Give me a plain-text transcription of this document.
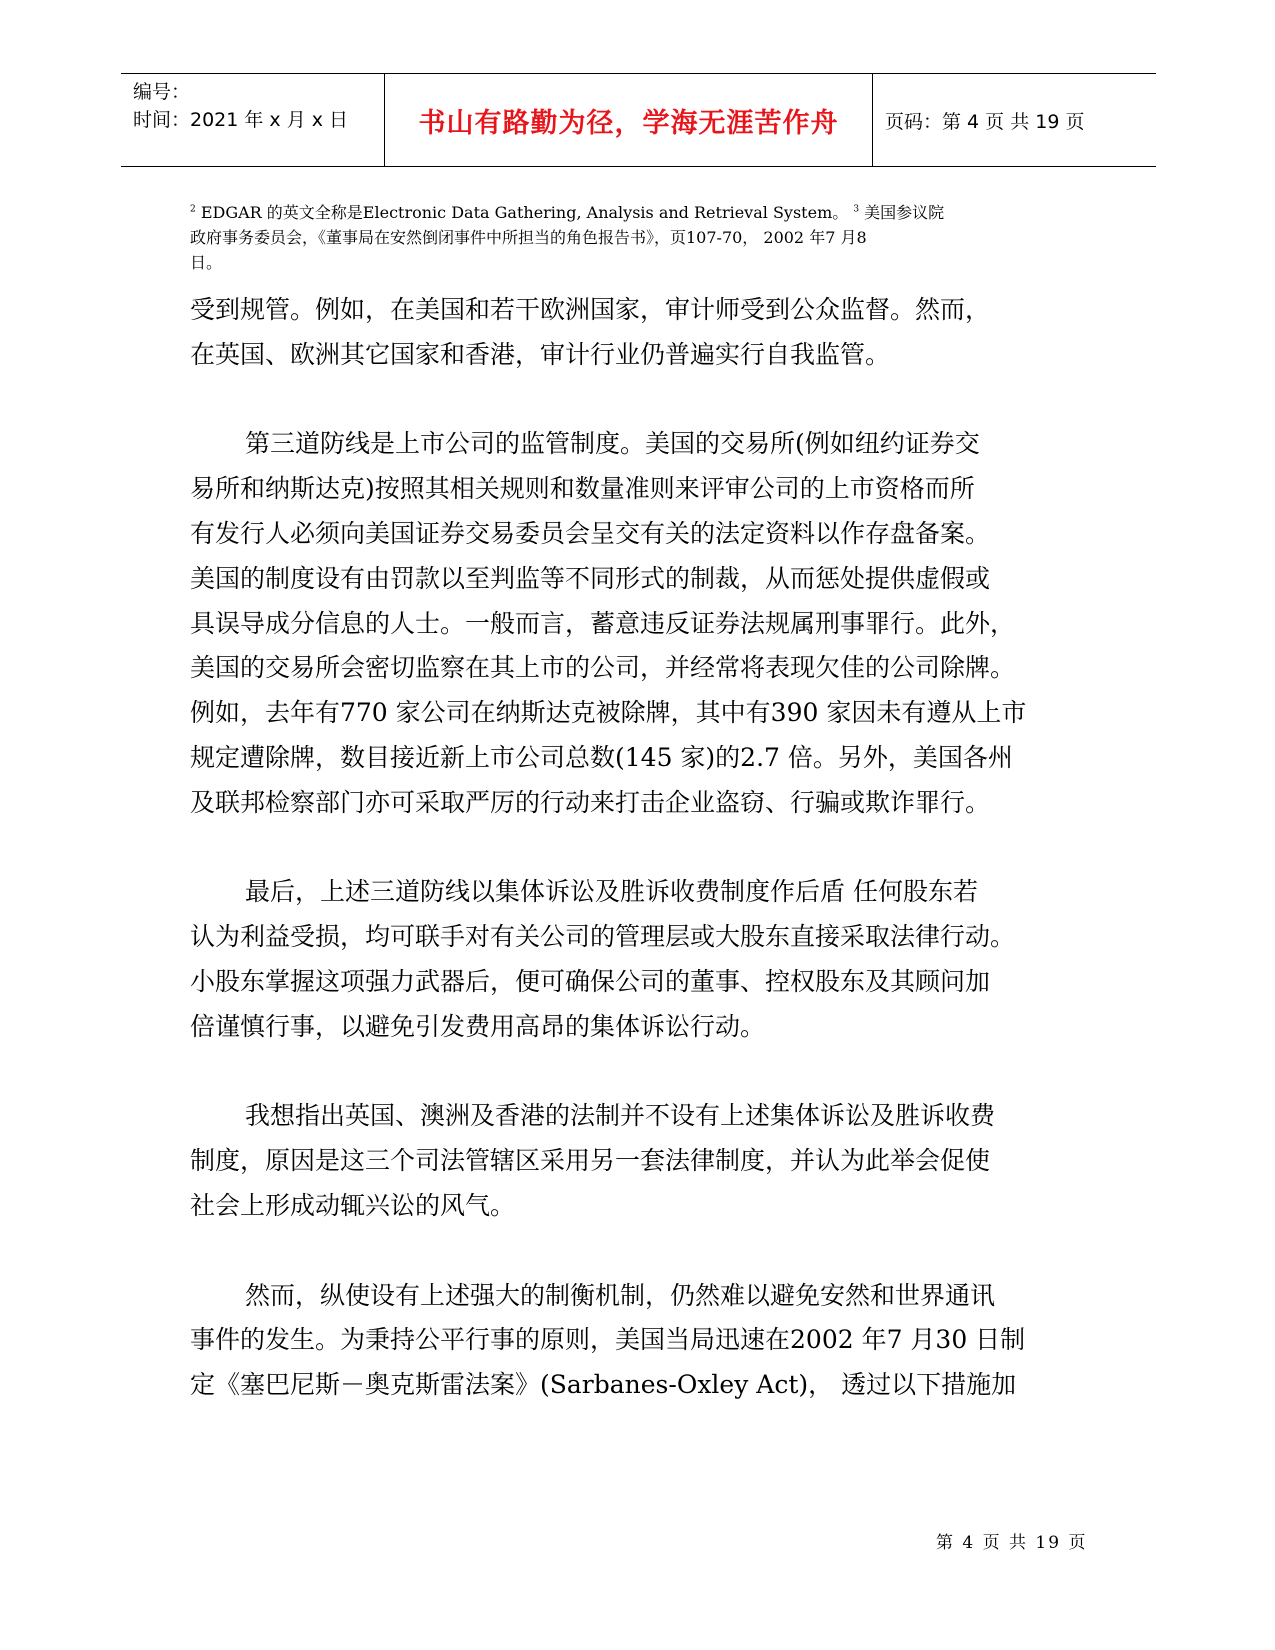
编号：
时间：2021 年 x 月 x 日	书山有路勤为径，学海无涯苦作舟	页码：第 4 页 共 19 页
$^2$ EDGAR 的英文全称是Electronic Data Gathering, Analysis and Retrieval System。 $^3$ 美国参议院
政府事务委员会，《董事局在安然倒闭事件中所担当的角色报告书》，页107-70， 2002 年7 月8
日。

受到规管。例如，在美国和若干欧洲国家，审计师受到公众监督。然而，

在英国、欧洲其它国家和香港，审计行业仍普遍实行自我监管。

第三道防线是上市公司的监管制度。美国的交易所(例如纽约证券交

易所和纳斯达克)按照其相关规则和数量准则来评审公司的上市资格而所

有发行人必须向美国证券交易委员会呈交有关的法定资料以作存盘备案。

美国的制度设有由罚款以至判监等不同形式的制裁，从而惩处提供虚假或

具误导成分信息的人士。一般而言，蓄意违反证券法规属刑事罪行。此外，

美国的交易所会密切监察在其上市的公司，并经常将表现欠佳的公司除牌。

例如，去年有770 家公司在纳斯达克被除牌，其中有390 家因未有遵从上市

规定遭除牌，数目接近新上市公司总数(145 家)的2.7 倍。另外，美国各州

及联邦检察部门亦可采取严厉的行动来打击企业盗窃、行骗或欺诈罪行。

最后，上述三道防线以集体诉讼及胜诉收费制度作后盾 任何股东若

认为利益受损，均可联手对有关公司的管理层或大股东直接采取法律行动。

小股东掌握这项强力武器后，便可确保公司的董事、控权股东及其顾问加

倍谨慎行事，以避免引发费用高昂的集体诉讼行动。

我想指出英国、澳洲及香港的法制并不设有上述集体诉讼及胜诉收费

制度，原因是这三个司法管辖区采用另一套法律制度，并认为此举会促使

社会上形成动辄兴讼的风气。

然而，纵使设有上述强大的制衡机制，仍然难以避免安然和世界通讯

事件的发生。为秉持公平行事的原则，美国当局迅速在2002 年7 月30 日制

定《塞巴尼斯－奥克斯雷法案》(Sarbanes-Oxley Act)， 透过以下措施加

第 4 页 共 19 页
